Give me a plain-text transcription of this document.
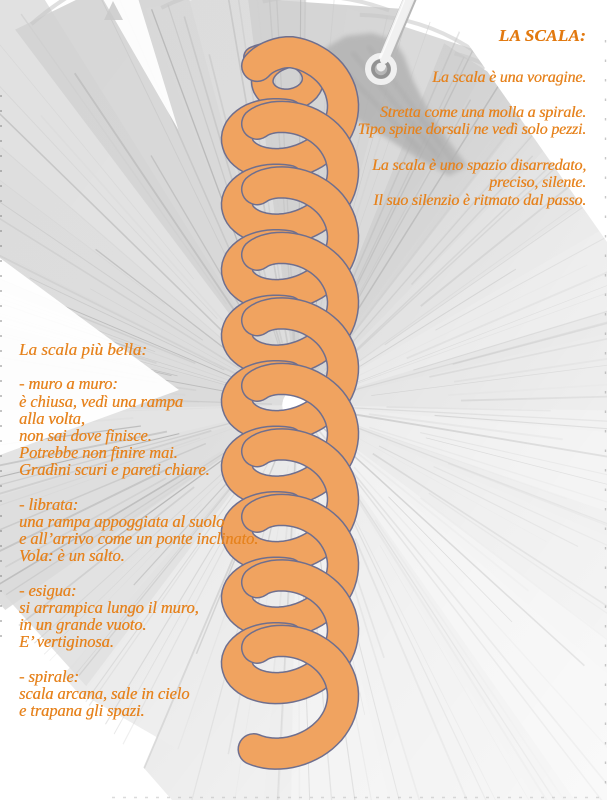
LA SCALA:

La scala è una voragine.

Stretta come una molla a spirale.

Tipo spine dorsali ne vedì solo pezzi.

La scala è uno spazio disarredato,

preciso, silente.

Il suo silenzio è ritmato dal passo.

La scala più bella:

- muro a muro:

è chiusa, vedì una rampa

alla volta,

non sai dove finisce.

Potrebbe non finire mai.

Gradìni scuri e pareti chiare.

- librata:

una rampa appoggiata al suolo

e all’arrivo come un ponte inclinato.

Vola: è un salto.

- esigua:

si arrampica lungo il muro,

in un grande vuoto.

E’ vertiginosa.

- spirale:

scala arcana, sale in cielo

e trapana gli spazi.
